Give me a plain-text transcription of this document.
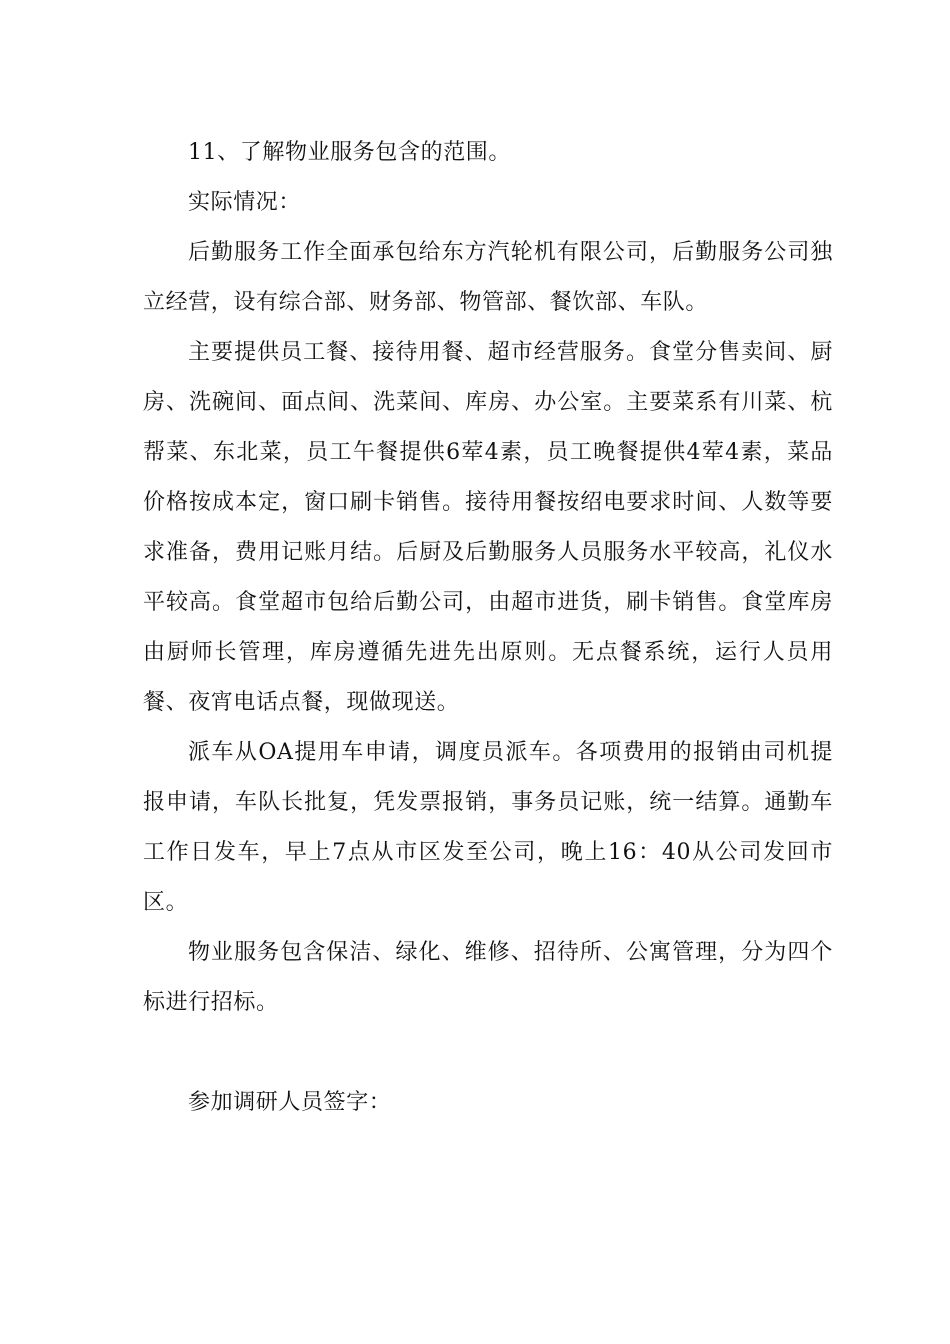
11、了解物业服务包含的范围。

实际情况：

后勤服务工作全面承包给东方汽轮机有限公司，后勤服务公司独立经营，设有综合部、财务部、物管部、餐饮部、车队。

主要提供员工餐、接待用餐、超市经营服务。食堂分售卖间、厨房、洗碗间、面点间、洗菜间、库房、办公室。主要菜系有川菜、杭帮菜、东北菜，员工午餐提供6荤4素，员工晚餐提供4荤4素，菜品价格按成本定，窗口刷卡销售。接待用餐按绍电要求时间、人数等要求准备，费用记账月结。后厨及后勤服务人员服务水平较高，礼仪水平较高。食堂超市包给后勤公司，由超市进货，刷卡销售。食堂库房由厨师长管理，库房遵循先进先出原则。无点餐系统，运行人员用餐、夜宵电话点餐，现做现送。

派车从OA提用车申请，调度员派车。各项费用的报销由司机提报申请，车队长批复，凭发票报销，事务员记账，统一结算。通勤车工作日发车，早上7点从市区发至公司，晚上16：40从公司发回市区。

物业服务包含保洁、绿化、维修、招待所、公寓管理，分为四个标进行招标。

参加调研人员签字：
